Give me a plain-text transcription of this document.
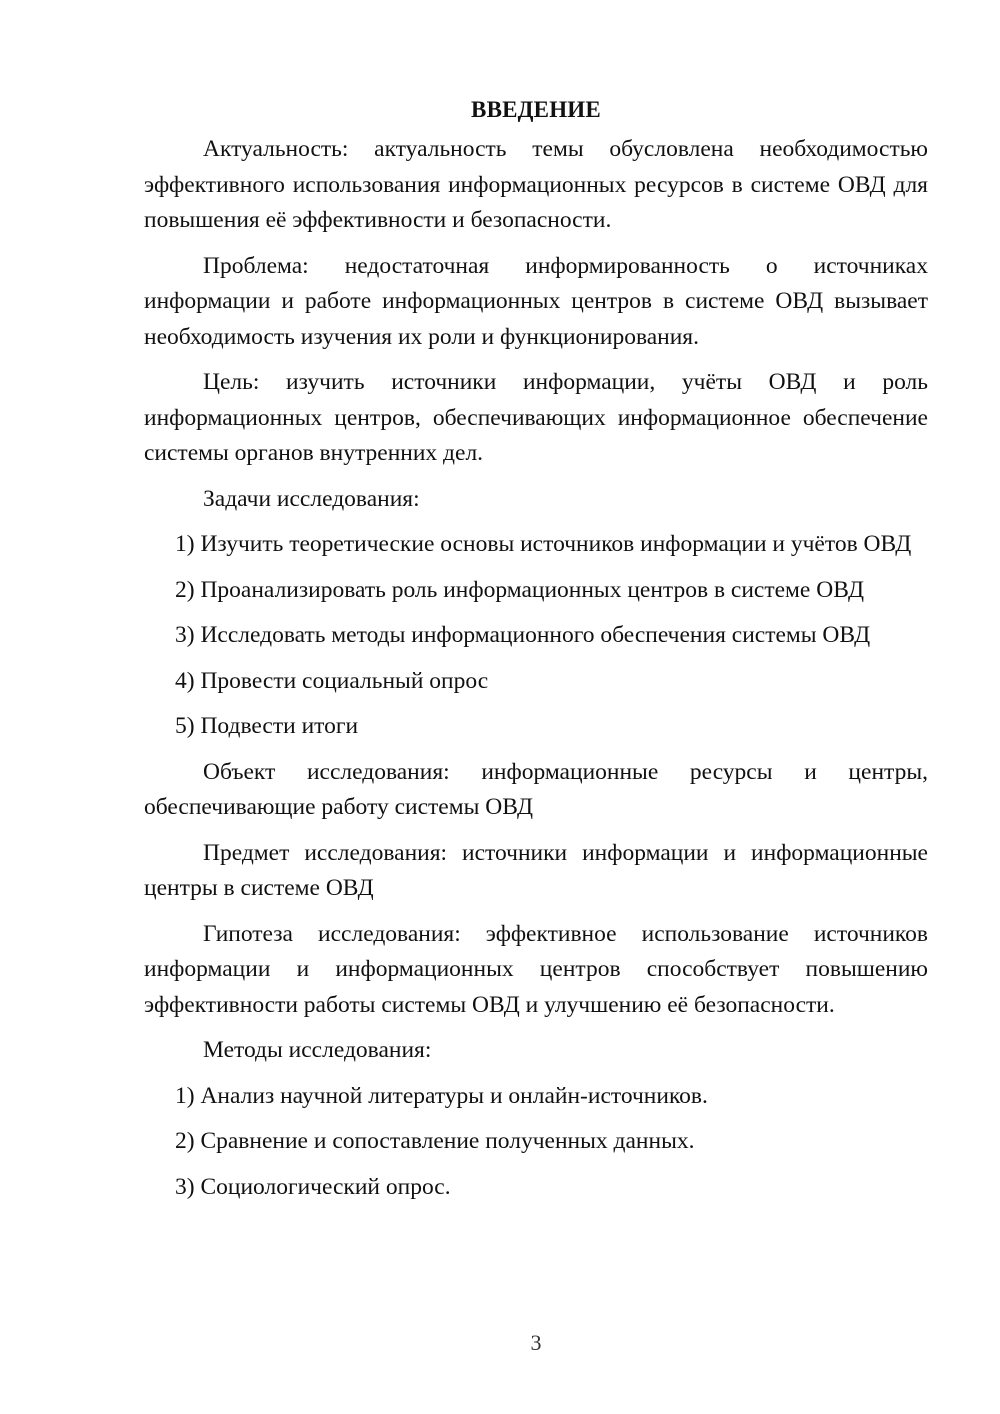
ВВЕДЕНИЕ

Актуальность: актуальность темы обусловлена необходимостью эффективного использования информационных ресурсов в системе ОВД для повышения её эффективности и безопасности.

Проблема: недостаточная информированность о источниках информации и работе информационных центров в системе ОВД вызывает необходимость изучения их роли и функционирования.

Цель: изучить источники информации, учёты ОВД и роль информационных центров, обеспечивающих информационное обеспечение системы органов внутренних дел.

Задачи исследования:

1) Изучить теоретические основы источников информации и учётов ОВД

2) Проанализировать роль информационных центров в системе ОВД

3) Исследовать методы информационного обеспечения системы ОВД

4) Провести социальный опрос

5) Подвести итоги

Объект исследования: информационные ресурсы и центры, обеспечивающие работу системы ОВД

Предмет исследования: источники информации и информационные центры в системе ОВД

Гипотеза исследования: эффективное использование источников информации и информационных центров способствует повышению эффективности работы системы ОВД и улучшению её безопасности.

Методы исследования:

1) Анализ научной литературы и онлайн-источников.

2) Сравнение и сопоставление полученных данных.

3) Социологический опрос.

3
